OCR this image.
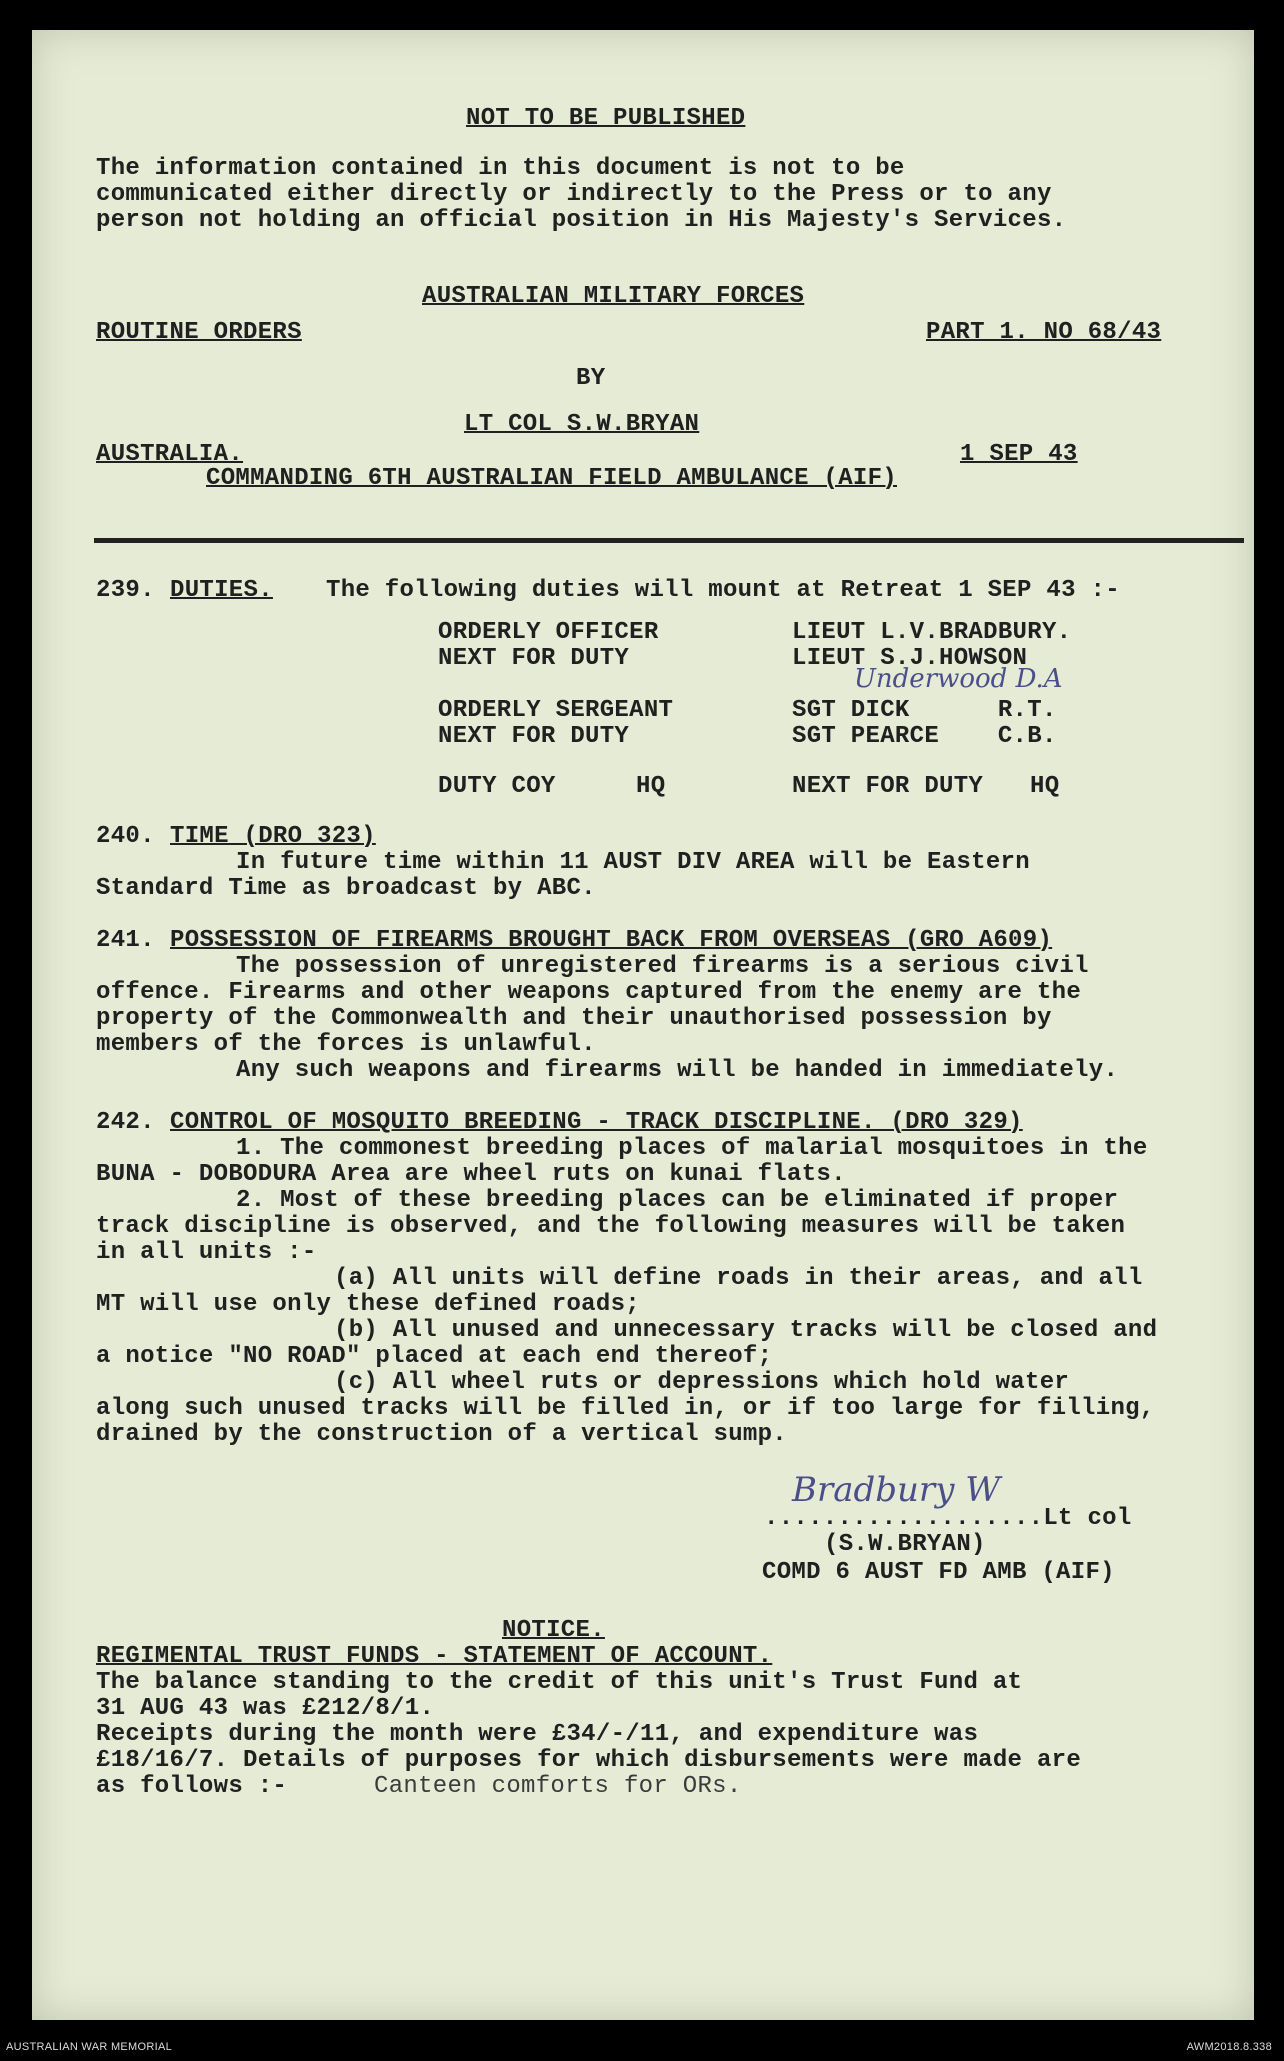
NOT TO BE PUBLISHED
The information contained in this document is not to be
communicated either directly or indirectly to the Press or to any
person not holding an official position in His Majesty's Services.
AUSTRALIAN MILITARY FORCES
ROUTINE ORDERS	PART 1. NO 68/43
BY
LT COL S.W.BRYAN
AUSTRALIA.	1 SEP 43
COMMANDING 6TH AUSTRALIAN FIELD AMBULANCE (AIF)
239. DUTIES. The following duties will mount at Retreat 1 SEP 43 :-
ORDERLY OFFICER	LIEUT L.V.BRADBURY.
NEXT FOR DUTY	LIEUT S.J.HOWSON
Underwood D.A
ORDERLY SERGEANT	SGT DICK      R.T.
NEXT FOR DUTY	SGT PEARCE    C.B.
DUTY COY	HQ	NEXT FOR DUTY HQ
240. TIME (DRO 323)
In future time within 11 AUST DIV AREA will be Eastern
Standard Time as broadcast by ABC.
241. POSSESSION OF FIREARMS BROUGHT BACK FROM OVERSEAS (GRO A609)
The possession of unregistered firearms is a serious civil
offence. Firearms and other weapons captured from the enemy are the
property of the Commonwealth and their unauthorised possession by
members of the forces is unlawful.
Any such weapons and firearms will be handed in immediately.
242. CONTROL OF MOSQUITO BREEDING - TRACK DISCIPLINE. (DRO 329)
1. The commonest breeding places of malarial mosquitoes in the
BUNA - DOBODURA Area are wheel ruts on kunai flats.
2. Most of these breeding places can be eliminated if proper
track discipline is observed, and the following measures will be taken
in all units :-
(a) All units will define roads in their areas, and all
MT will use only these defined roads;
(b) All unused and unnecessary tracks will be closed and
a notice "NO ROAD" placed at each end thereof;
(c) All wheel ruts or depressions which hold water
along such unused tracks will be filled in, or if too large for filling,
drained by the construction of a vertical sump.
Bradbury W
...................Lt col
(S.W.BRYAN)
COMD 6 AUST FD AMB (AIF)
NOTICE.
REGIMENTAL TRUST FUNDS - STATEMENT OF ACCOUNT.
The balance standing to the credit of this unit's Trust Fund at
31 AUG 43 was £212/8/1.
Receipts during the month were £34/-/11, and expenditure was
£18/16/7. Details of purposes for which disbursements were made are
as follows :-	Canteen comforts for ORs.
AUSTRALIAN WAR MEMORIAL	AWM2018.8.338
